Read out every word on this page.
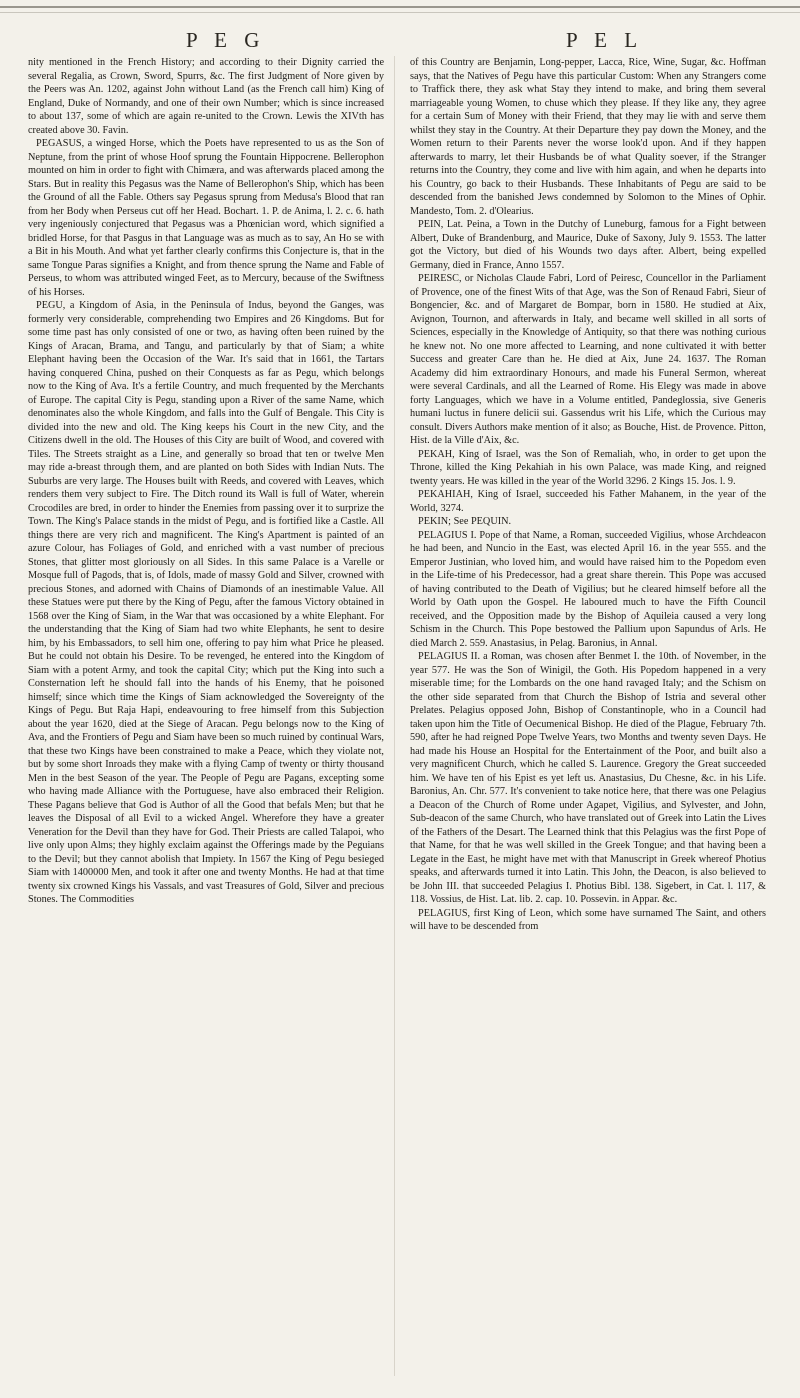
P E G	P E L

nity mentioned in the French History; and according to their Dignity carried the several Regalia, as Crown, Sword, Spurrs, &c. The first Judgment of Nore given by the Peers was An. 1202, against John without Land (as the French call him) King of England, Duke of Normandy, and one of their own Number; which is since increased to about 137, some of which are again re-united to the Crown. Lewis the XIVth has created above 30. Favin.

PEGASUS, a winged Horse, which the Poets have represented to us as the Son of Neptune, from the print of whose Hoof sprung the Fountain Hippocrene. Bellerophon mounted on him in order to fight with Chimæra, and was afterwards placed among the Stars. But in reality this Pegasus was the Name of Bellerophon's Ship, which has been the Ground of all the Fable. Others say Pegasus sprung from Medusa's Blood that ran from her Body when Perseus cut off her Head. Bochart. 1. P. de Anima, l. 2. c. 6. hath very ingeniously conjectured that Pegasus was a Phœnician word, which signified a bridled Horse, for that Pasgus in that Language was as much as to say, An Ho se with a Bit in his Mouth. And what yet farther clearly confirms this Conjecture is, that in the same Tongue Paras signifies a Knight, and from thence sprung the Name and Fable of Perseus, to whom was attributed winged Feet, as to Mercury, because of the Swiftness of his Horses.

PEGU, a Kingdom of Asia, in the Peninsula of Indus, beyond the Ganges, was formerly very considerable, comprehending two Empires and 26 Kingdoms. But for some time past has only consisted of one or two, as having often been ruined by the Kings of Aracan, Brama, and Tangu, and particularly by that of Siam; a white Elephant having been the Occasion of the War. It's said that in 1661, the Tartars having conquered China, pushed on their Conquests as far as Pegu, which belongs now to the King of Ava. It's a fertile Country, and much frequented by the Merchants of Europe. The capital City is Pegu, standing upon a River of the same Name, which denominates also the whole Kingdom, and falls into the Gulf of Bengale. This City is divided into the new and old. The King keeps his Court in the new City, and the Citizens dwell in the old. The Houses of this City are built of Wood, and covered with Tiles. The Streets straight as a Line, and generally so broad that ten or twelve Men may ride a-breast through them, and are planted on both Sides with Indian Nuts. The Suburbs are very large. The Houses built with Reeds, and covered with Leaves, which renders them very subject to Fire. The Ditch round its Wall is full of Water, wherein Crocodiles are bred, in order to hinder the Enemies from passing over it to surprize the Town. The King's Palace stands in the midst of Pegu, and is fortified like a Castle. All things there are very rich and magnificent. The King's Apartment is painted of an azure Colour, has Foliages of Gold, and enriched with a vast number of precious Stones, that glitter most gloriously on all Sides. In this same Palace is a Varelle or Mosque full of Pagods, that is, of Idols, made of massy Gold and Silver, crowned with precious Stones, and adorned with Chains of Diamonds of an inestimable Value. All these Statues were put there by the King of Pegu, after the famous Victory obtained in 1568 over the King of Siam, in the War that was occasioned by a white Elephant. For the understanding that the King of Siam had two white Elephants, he sent to desire him, by his Embassadors, to sell him one, offering to pay him what Price he pleased. But he could not obtain his Desire. To be revenged, he entered into the Kingdom of Siam with a potent Army, and took the capital City; which put the King into such a Consternation left he should fall into the hands of his Enemy, that he poisoned himself; since which time the Kings of Siam acknowledged the Sovereignty of the Kings of Pegu. But Raja Hapi, endeavouring to free himself from this Subjection about the year 1620, died at the Siege of Aracan. Pegu belongs now to the King of Ava, and the Frontiers of Pegu and Siam have been so much ruined by continual Wars, that these two Kings have been constrained to make a Peace, which they violate not, but by some short Inroads they make with a flying Camp of twenty or thirty thousand Men in the best Season of the year. The People of Pegu are Pagans, excepting some who having made Alliance with the Portuguese, have also embraced their Religion. These Pagans believe that God is Author of all the Good that befals Men; but that he leaves the Disposal of all Evil to a wicked Angel. Wherefore they have a greater Veneration for the Devil than they have for God. Their Priests are called Talapoi, who live only upon Alms; they highly exclaim against the Offerings made by the Peguians to the Devil; but they cannot abolish that Impiety. In 1567 the King of Pegu besieged Siam with 1400000 Men, and took it after one and twenty Months. He had at that time twenty six crowned Kings his Vassals, and vast Treasures of Gold, Silver and precious Stones. The Commodities

of this Country are Benjamin, Long-pepper, Lacca, Rice, Wine, Sugar, &c. Hoffman says, that the Natives of Pegu have this particular Custom: When any Strangers come to Traffick there, they ask what Stay they intend to make, and bring them several marriageable young Women, to chuse which they please. If they like any, they agree for a certain Sum of Money with their Friend, that they may lie with and serve them whilst they stay in the Country. At their Departure they pay down the Money, and the Women return to their Parents never the worse look'd upon. And if they happen afterwards to marry, let their Husbands be of what Quality soever, if the Stranger returns into the Country, they come and live with him again, and when he departs into his Country, go back to their Husbands. These Inhabitants of Pegu are said to be descended from the banished Jews condemned by Solomon to the Mines of Ophir. Mandesto, Tom. 2. d'Olearius.

PEIN, Lat. Peina, a Town in the Dutchy of Luneburg, famous for a Fight between Albert, Duke of Brandenburg, and Maurice, Duke of Saxony, July 9. 1553. The latter got the Victory, but died of his Wounds two days after. Albert, being expelled Germany, died in France, Anno 1557.

PEIRESC, or Nicholas Claude Fabri, Lord of Peiresc, Councellor in the Parliament of Provence, one of the finest Wits of that Age, was the Son of Renaud Fabri, Sieur of Bongencier, &c. and of Margaret de Bompar, born in 1580. He studied at Aix, Avignon, Tournon, and afterwards in Italy, and became well skilled in all sorts of Sciences, especially in the Knowledge of Antiquity, so that there was nothing curious he knew not. No one more affected to Learning, and none cultivated it with better Success and greater Care than he. He died at Aix, June 24. 1637. The Roman Academy did him extraordinary Honours, and made his Funeral Sermon, whereat were several Cardinals, and all the Learned of Rome. His Elegy was made in above forty Languages, which we have in a Volume entitled, Pandeglossia, sive Generis humani luctus in funere delicii sui. Gassendus writ his Life, which the Curious may consult. Divers Authors make mention of it also; as Bouche, Hist. de Provence. Pitton, Hist. de la Ville d'Aix, &c.

PEKAH, King of Israel, was the Son of Remaliah, who, in order to get upon the Throne, killed the King Pekahiah in his own Palace, was made King, and reigned twenty years. He was killed in the year of the World 3296. 2 Kings 15. Jos. l. 9.

PEKAHIAH, King of Israel, succeeded his Father Mahanem, in the year of the World, 3274.

PEKIN; See PEQUIN.

PELAGIUS I. Pope of that Name, a Roman, succeeded Vigilius, whose Archdeacon he had been, and Nuncio in the East, was elected April 16. in the year 555. and the Emperor Justinian, who loved him, and would have raised him to the Popedom even in the Life-time of his Predecessor, had a great share therein. This Pope was accused of having contributed to the Death of Vigilius; but he cleared himself before all the World by Oath upon the Gospel. He laboured much to have the Fifth Council received, and the Opposition made by the Bishop of Aquileia caused a very long Schism in the Church. This Pope bestowed the Pallium upon Sapundus of Arls. He died March 2. 559. Anastasius, in Pelag. Baronius, in Annal.

PELAGIUS II. a Roman, was chosen after Benmet I. the 10th. of November, in the year 577. He was the Son of Winigil, the Goth. His Popedom happened in a very miserable time; for the Lombards on the one hand ravaged Italy; and the Schism on the other side separated from that Church the Bishop of Istria and several other Prelates. Pelagius opposed John, Bishop of Constantinople, who in a Council had taken upon him the Title of Oecumenical Bishop. He died of the Plague, February 7th. 590, after he had reigned Pope Twelve Years, two Months and twenty seven Days. He had made his House an Hospital for the Entertainment of the Poor, and built also a very magnificent Church, which he called S. Laurence. Gregory the Great succeeded him. We have ten of his Epist es yet left us. Anastasius, Du Chesne, &c. in his Life. Baronius, An. Chr. 577. It's convenient to take notice here, that there was one Pelagius a Deacon of the Church of Rome under Agapet, Vigilius, and Sylvester, and John, Sub-deacon of the same Church, who have translated out of Greek into Latin the Lives of the Fathers of the Desart. The Learned think that this Pelagius was the first Pope of that Name, for that he was well skilled in the Greek Tongue; and that having been a Legate in the East, he might have met with that Manuscript in Greek whereof Photius speaks, and afterwards turned it into Latin. This John, the Deacon, is also believed to be John III. that succeeded Pelagius I. Photius Bibl. 138. Sigebert, in Cat. l. 117, & 118. Vossius, de Hist. Lat. lib. 2. cap. 10. Possevin. in Appar. &c.

PELAGIUS, first King of Leon, which some have surnamed The Saint, and others will have to be descended from
